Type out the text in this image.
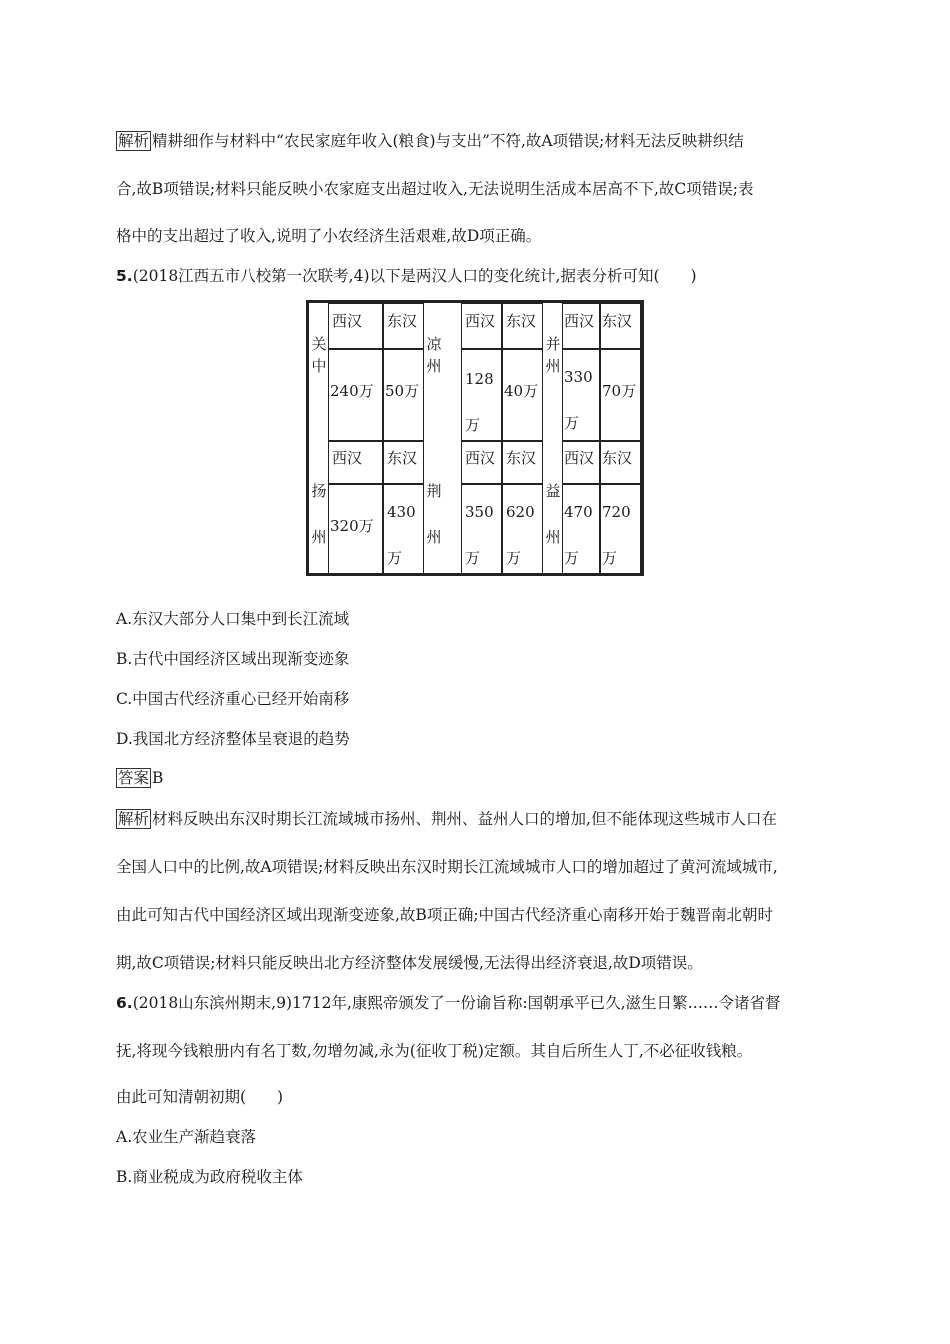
解析 精耕细作与材料中“农民家庭年收入(粮食)与支出”不符,故A项错误;材料无法反映耕织结
合,故B项错误;材料只能反映小农家庭支出超过收入,无法说明生活成本居高不下,故C项错误;表
格中的支出超过了收入,说明了小农经济生活艰难,故D项正确。
5.(2018江西五市八校第一次联考,4)以下是两汉人口的变化统计,据表分析可知(　　)
关中
西汉	东汉
240万 50万
凉州
西汉 东汉
128万
40万
并州
西汉 东汉
330万
70万
扬州
西汉	东汉
320万
430万
荆州
西汉 东汉
350万
620万
益州
西汉 东汉
470万
720万
A.东汉大部分人口集中到长江流域
B.古代中国经济区域出现渐变迹象
C.中国古代经济重心已经开始南移
D.我国北方经济整体呈衰退的趋势
答案 B
解析 材料反映出东汉时期长江流域城市扬州、荆州、益州人口的增加,但不能体现这些城市人口在
全国人口中的比例,故A项错误;材料反映出东汉时期长江流域城市人口的增加超过了黄河流域城市,
由此可知古代中国经济区域出现渐变迹象,故B项正确;中国古代经济重心南移开始于魏晋南北朝时
期,故C项错误;材料只能反映出北方经济整体发展缓慢,无法得出经济衰退,故D项错误。
6.(2018山东滨州期末,9)1712年,康熙帝颁发了一份谕旨称:国朝承平已久,滋生日繁……令诸省督
抚,将现今钱粮册内有名丁数,勿增勿减,永为(征收丁税)定额。其自后所生人丁,不必征收钱粮。
由此可知清朝初期(　　)
A.农业生产渐趋衰落
B.商业税成为政府税收主体
